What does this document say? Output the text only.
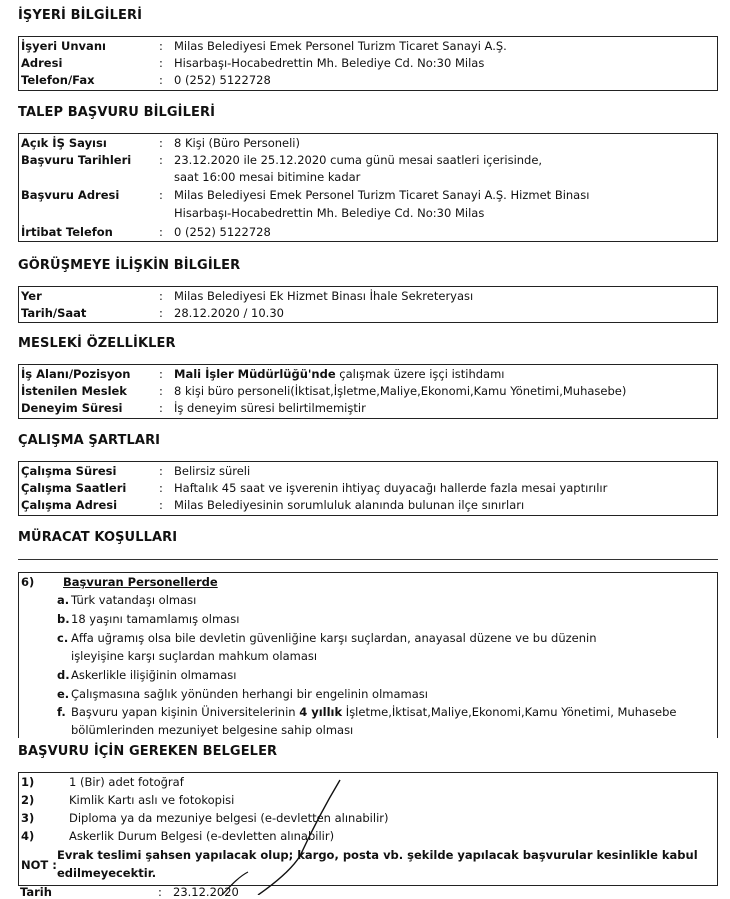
İŞYERİ BİLGİLERİ
İşyeri Unvanı	: Milas Belediyesi Emek Personel Turizm Ticaret Sanayi A.Ş.
Adresi	: Hisarbaşı-Hocabedrettin Mh. Belediye Cd. No:30 Milas
Telefon/Fax	: 0 (252) 5122728
TALEP BAŞVURU BİLGİLERİ
Açık İŞ Sayısı	: 8 Kişi (Büro Personeli)
Başvuru Tarihleri : 23.12.2020 ile 25.12.2020 cuma günü mesai saatleri içerisinde,
saat 16:00 mesai bitimine kadar
Başvuru Adresi	: Milas Belediyesi Emek Personel Turizm Ticaret Sanayi A.Ş. Hizmet Binası
Hisarbaşı-Hocabedrettin Mh. Belediye Cd. No:30 Milas
İrtibat Telefon	: 0 (252) 5122728
GÖRÜŞMEYE İLİŞKİN BİLGİLER
Yer	: Milas Belediyesi Ek Hizmet Binası İhale Sekreteryası
Tarih/Saat	: 28.12.2020 / 10.30
MESLEKİ ÖZELLİKLER
İş Alanı/Pozisyon : Mali İşler Müdürlüğü'nde çalışmak üzere işçi istihdamı
İstenilen Meslek	: 8 kişi büro personeli(İktisat,İşletme,Maliye,Ekonomi,Kamu Yönetimi,Muhasebe)
Deneyim Süresi	: İş deneyim süresi belirtilmemiştir
ÇALIŞMA ŞARTLARI
Çalışma Süresi	: Belirsiz süreli
Çalışma Saatleri	: Haftalık 45 saat ve işverenin ihtiyaç duyacağı hallerde fazla mesai yaptırılır
Çalışma Adresi	: Milas Belediyesinin sorumluluk alanında bulunan ilçe sınırları
MÜRACAT KOŞULLARI
6) Başvuran Personellerde
a. Türk vatandaşı olması
b. 18 yaşını tamamlamış olması
c. Affa uğramış olsa bile devletin güvenliğine karşı suçlardan, anayasal düzene ve bu düzenin
işleyişine karşı suçlardan mahkum olaması
d. Askerlikle ilişiğinin olmaması
e. Çalışmasına sağlık yönünden herhangi bir engelinin olmaması
f. Başvuru yapan kişinin Üniversitelerinin 4 yıllık İşletme,İktisat,Maliye,Ekonomi,Kamu Yönetimi, Muhasebe
bölümlerinden mezuniyet belgesine sahip olması
BAŞVURU İÇİN GEREKEN BELGELER
1)	1 (Bir) adet fotoğraf
2)	Kimlik Kartı aslı ve fotokopisi
3)	Diploma ya da mezuniye belgesi (e-devletten alınabilir)
4)	Askerlik Durum Belgesi (e-devletten alınabilir)
NOT :
Evrak teslimi şahsen yapılacak olup; kargo, posta vb. şekilde yapılacak başvurular kesinlikle kabul
edilmeyecektir.
Tarih	: 23.12.2020
